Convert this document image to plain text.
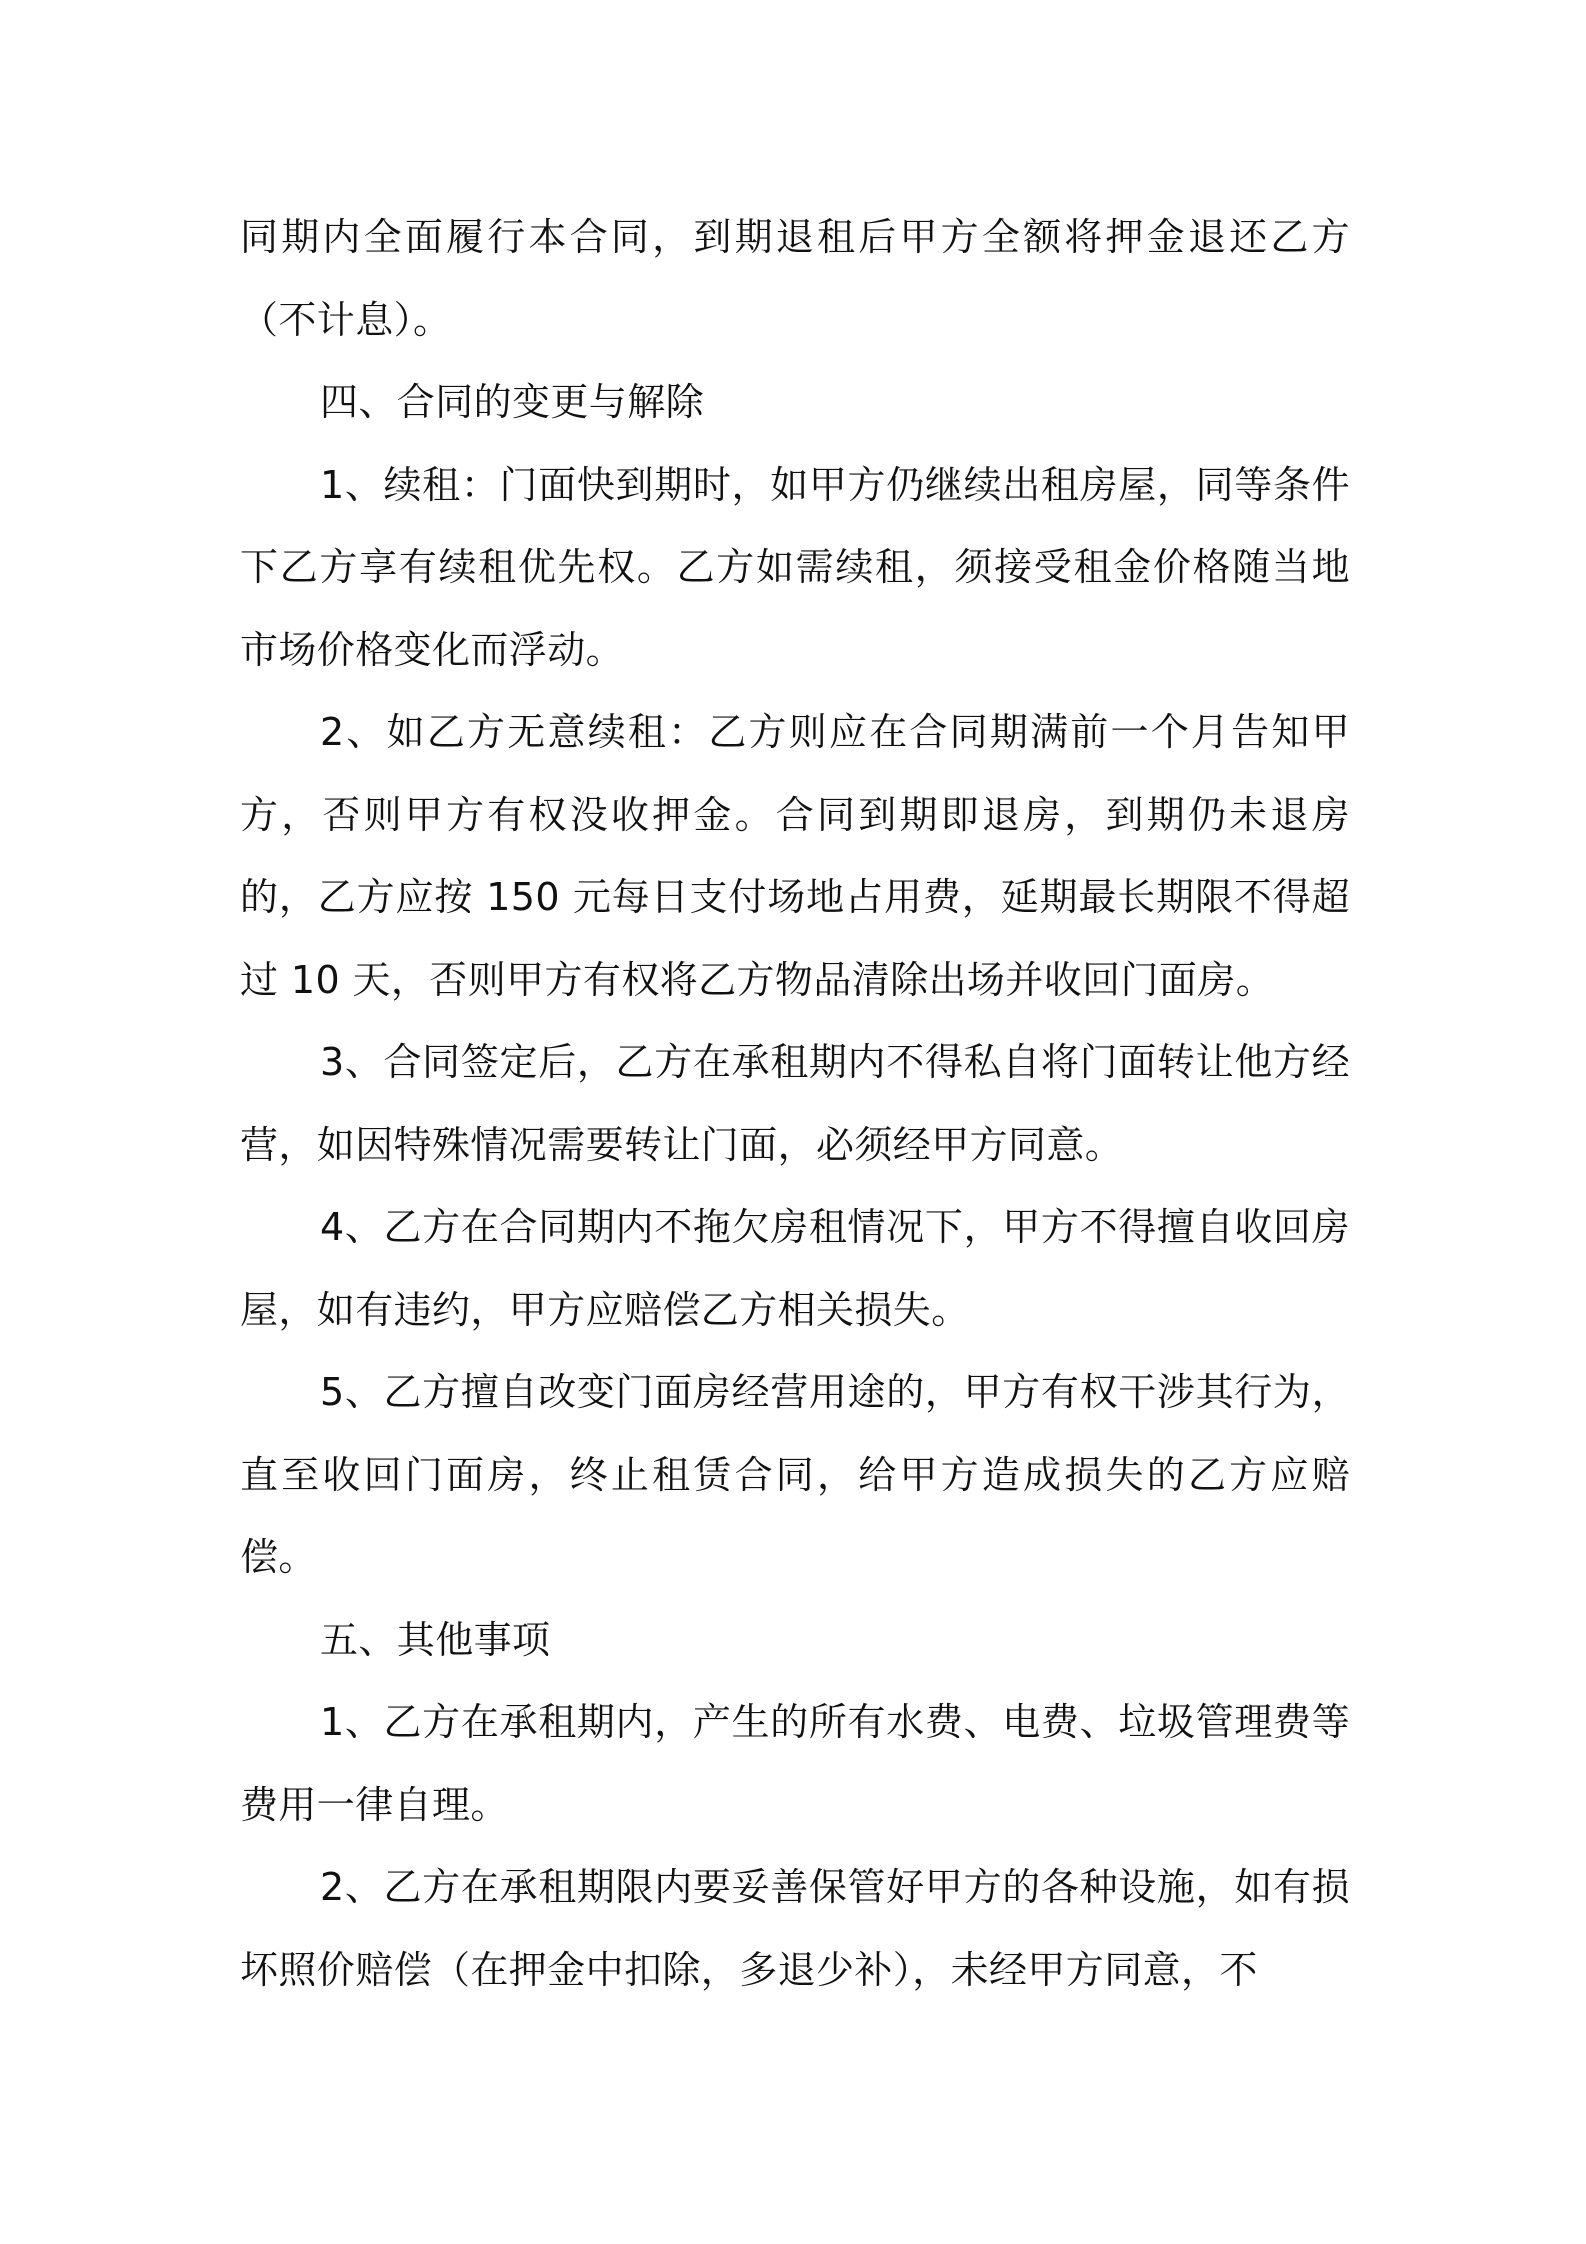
同期内全面履行本合同，到期退租后甲方全额将押金退还乙方（不计息）。

四、合同的变更与解除

1、续租：门面快到期时，如甲方仍继续出租房屋，同等条件下乙方享有续租优先权。乙方如需续租，须接受租金价格随当地市场价格变化而浮动。

2、如乙方无意续租：乙方则应在合同期满前一个月告知甲方，否则甲方有权没收押金。合同到期即退房，到期仍未退房的，乙方应按 150 元每日支付场地占用费，延期最长期限不得超过 10 天，否则甲方有权将乙方物品清除出场并收回门面房。

3、合同签定后，乙方在承租期内不得私自将门面转让他方经营，如因特殊情况需要转让门面，必须经甲方同意。

4、乙方在合同期内不拖欠房租情况下，甲方不得擅自收回房屋，如有违约，甲方应赔偿乙方相关损失。

5、乙方擅自改变门面房经营用途的，甲方有权干涉其行为，直至收回门面房，终止租赁合同，给甲方造成损失的乙方应赔偿。

五、其他事项

1、乙方在承租期内，产生的所有水费、电费、垃圾管理费等费用一律自理。

2、乙方在承租期限内要妥善保管好甲方的各种设施，如有损坏照价赔偿（在押金中扣除，多退少补），未经甲方同意，不
